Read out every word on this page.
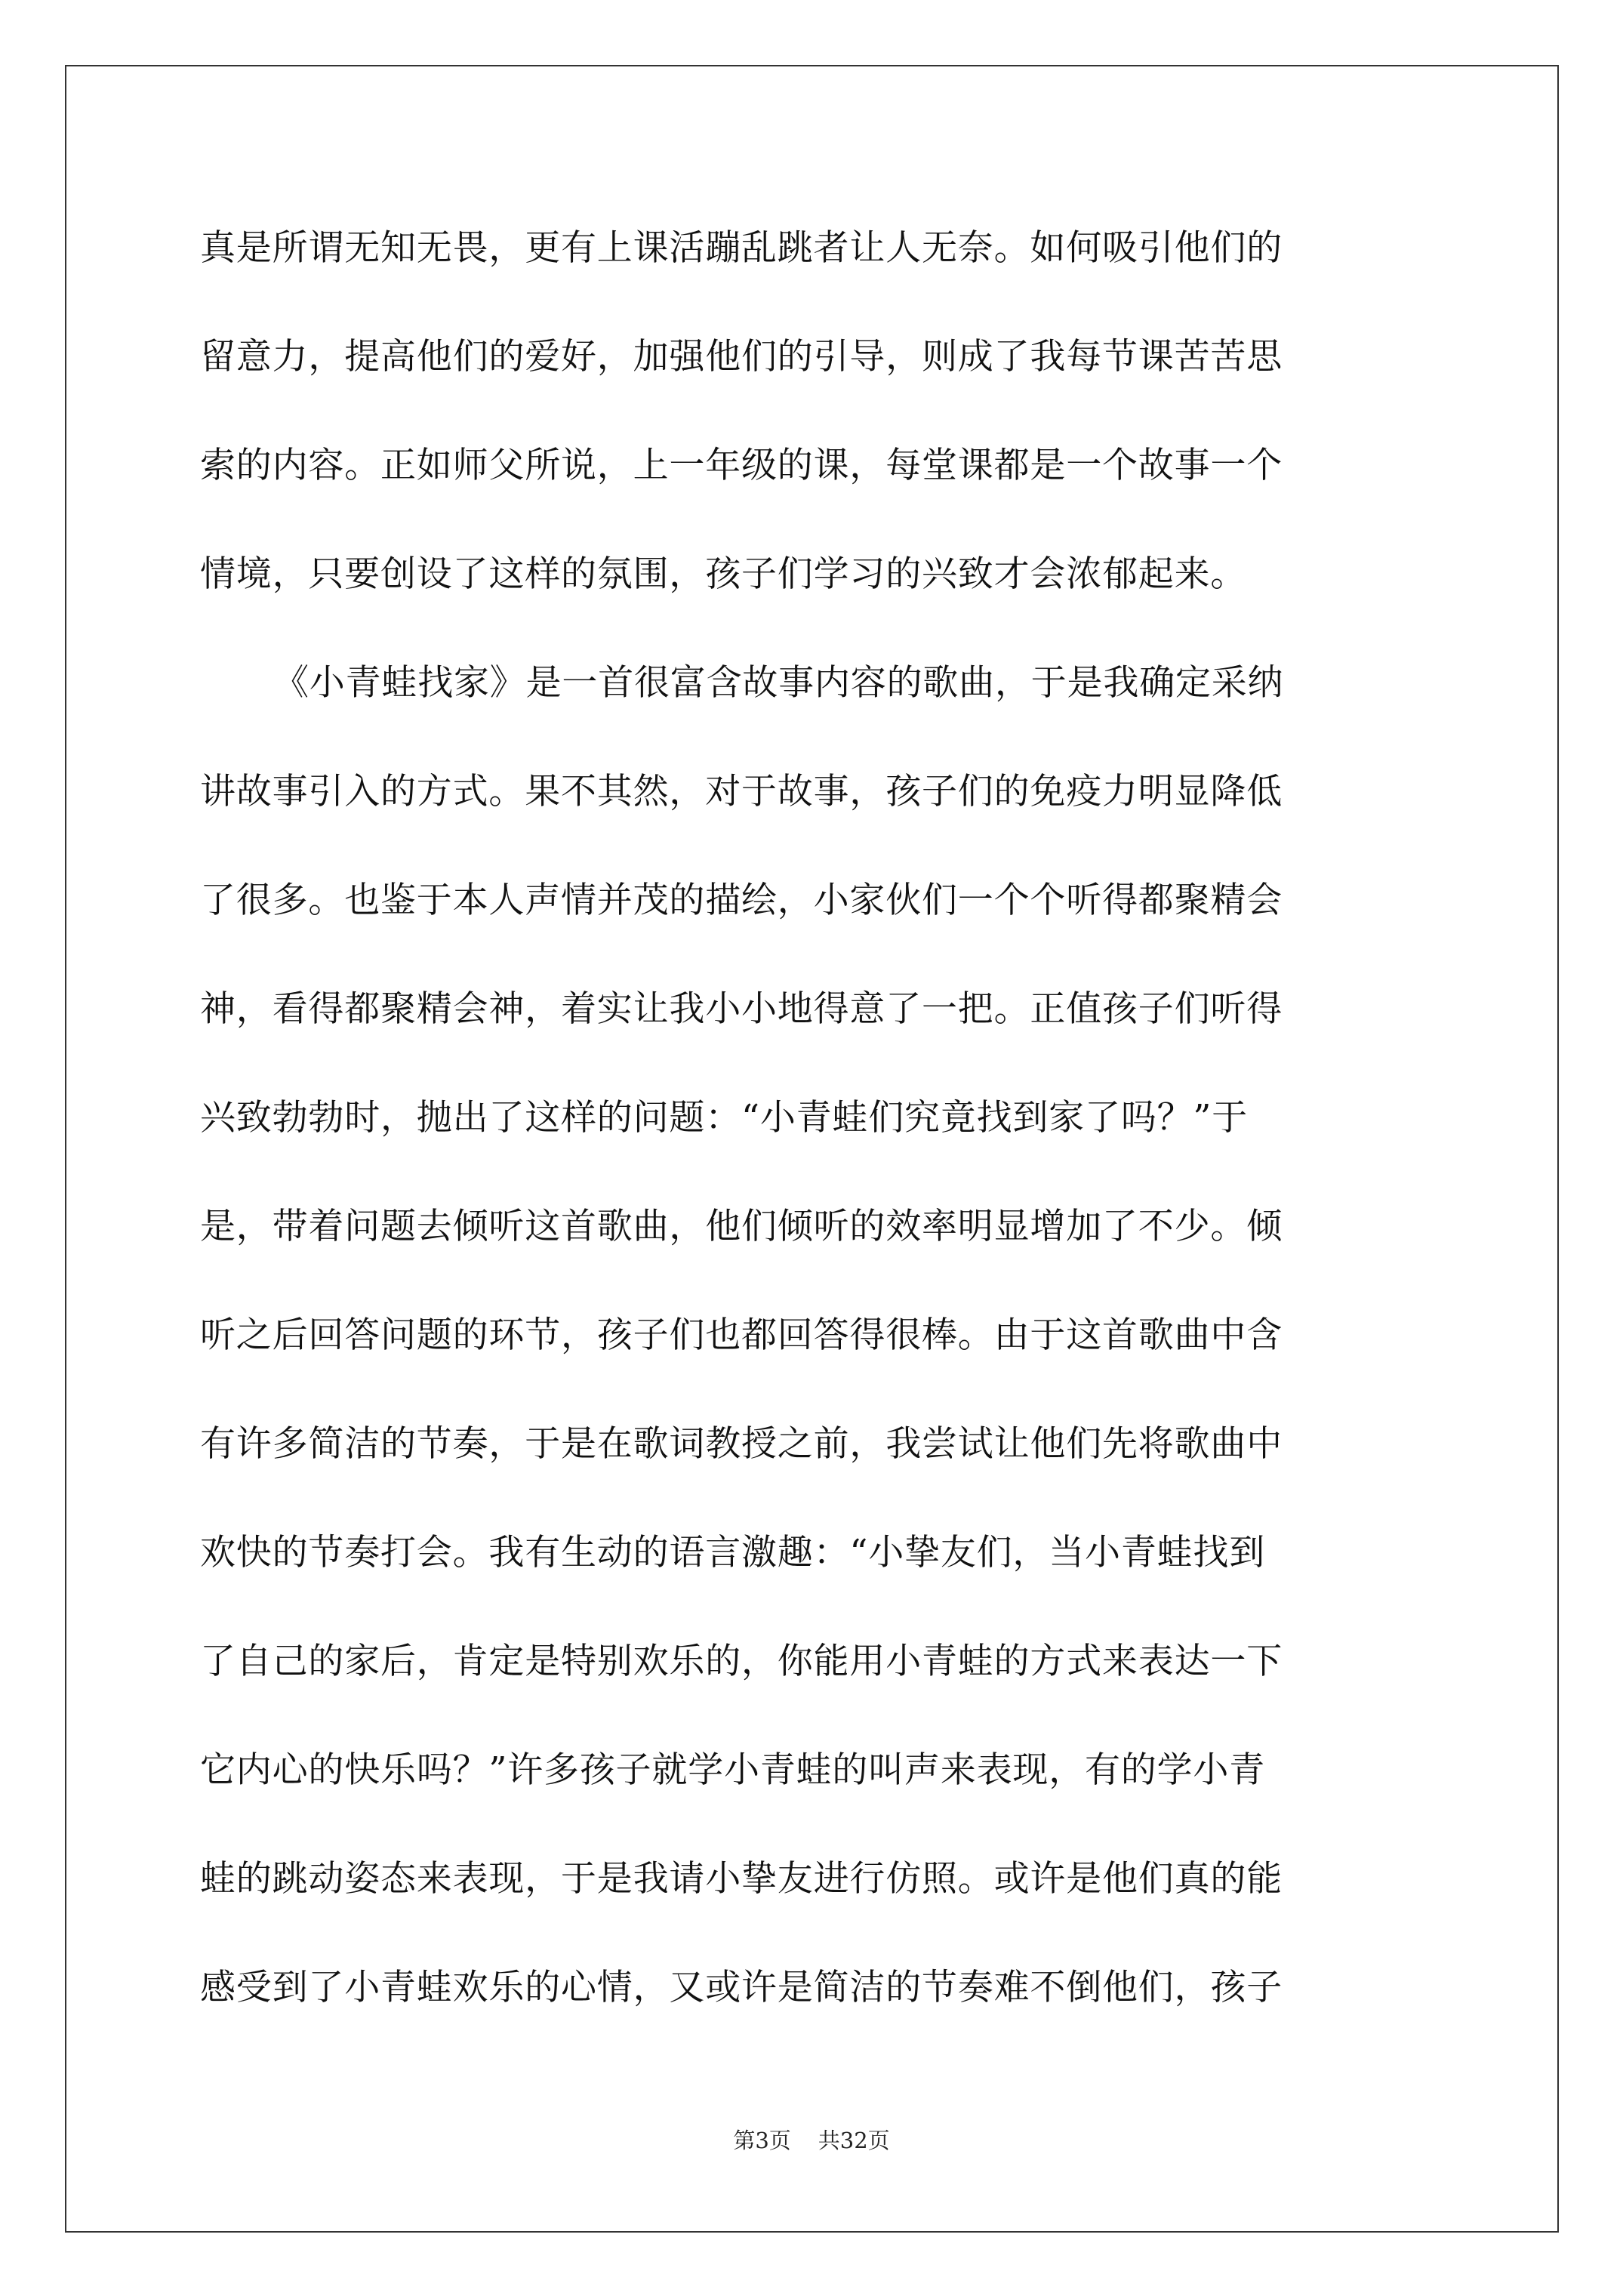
真是所谓无知无畏，更有上课活蹦乱跳者让人无奈。如何吸引他们的
留意力，提高他们的爱好，加强他们的引导，则成了我每节课苦苦思
索的内容。正如师父所说，上一年级的课，每堂课都是一个故事一个
情境，只要创设了这样的氛围，孩子们学习的兴致才会浓郁起来。
《小青蛙找家》是一首很富含故事内容的歌曲，于是我确定采纳
讲故事引入的方式。果不其然，对于故事，孩子们的免疫力明显降低
了很多。也鉴于本人声情并茂的描绘，小家伙们一个个听得都聚精会
神，看得都聚精会神，着实让我小小地得意了一把。正值孩子们听得
兴致勃勃时，抛出了这样的问题：“小青蛙们究竟找到家了吗？”于
是，带着问题去倾听这首歌曲，他们倾听的效率明显增加了不少。倾
听之后回答问题的环节，孩子们也都回答得很棒。由于这首歌曲中含
有许多简洁的节奏，于是在歌词教授之前，我尝试让他们先将歌曲中
欢快的节奏打会。我有生动的语言激趣：“小挚友们，当小青蛙找到
了自己的家后，肯定是特别欢乐的，你能用小青蛙的方式来表达一下
它内心的快乐吗？”许多孩子就学小青蛙的叫声来表现，有的学小青
蛙的跳动姿态来表现，于是我请小挚友进行仿照。或许是他们真的能
感受到了小青蛙欢乐的心情，又或许是简洁的节奏难不倒他们，孩子
第3页 共32页
